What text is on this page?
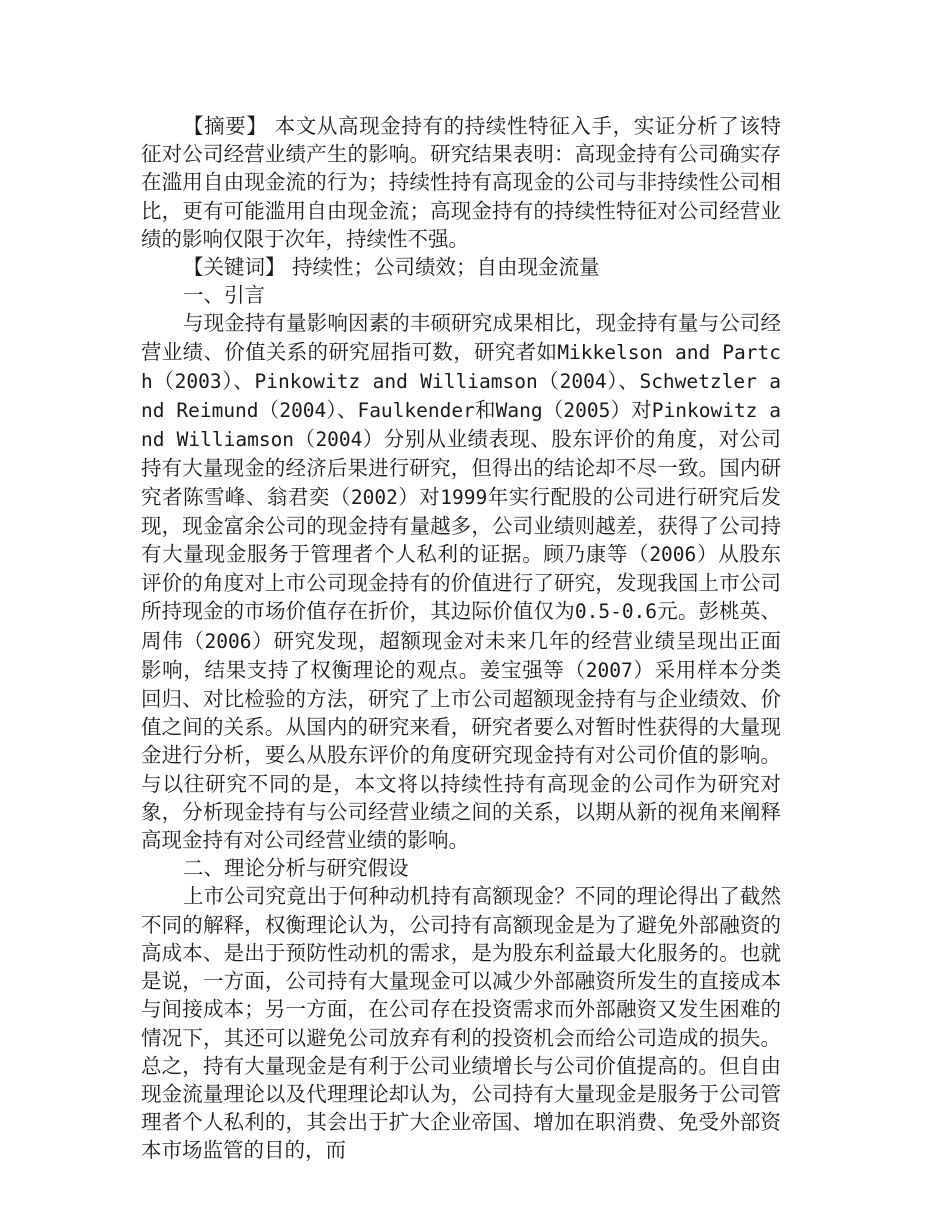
【摘要】 本文从高现金持有的持续性特征入手，实证分析了该特征对公司经营业绩产生的影响。研究结果表明：高现金持有公司确实存在滥用自由现金流的行为；持续性持有高现金的公司与非持续性公司相比，更有可能滥用自由现金流；高现金持有的持续性特征对公司经营业绩的影响仅限于次年，持续性不强。

【关键词】 持续性；公司绩效；自由现金流量

一、引言

与现金持有量影响因素的丰硕研究成果相比，现金持有量与公司经营业绩、价值关系的研究屈指可数，研究者如Mikkelson and Partch（2003）、Pinkowitz and Williamson（2004）、Schwetzler and Reimund（2004）、Faulkender和Wang（2005）对Pinkowitz and Williamson（2004）分别从业绩表现、股东评价的角度，对公司持有大量现金的经济后果进行研究，但得出的结论却不尽一致。国内研究者陈雪峰、翁君奕（2002）对1999年实行配股的公司进行研究后发现，现金富余公司的现金持有量越多，公司业绩则越差，获得了公司持有大量现金服务于管理者个人私利的证据。顾乃康等（2006）从股东评价的角度对上市公司现金持有的价值进行了研究，发现我国上市公司所持现金的市场价值存在折价，其边际价值仅为0.5-0.6元。彭桃英、周伟（2006）研究发现，超额现金对未来几年的经营业绩呈现出正面影响，结果支持了权衡理论的观点。姜宝强等（2007）采用样本分类回归、对比检验的方法，研究了上市公司超额现金持有与企业绩效、价值之间的关系。从国内的研究来看，研究者要么对暂时性获得的大量现金进行分析，要么从股东评价的角度研究现金持有对公司价值的影响。与以往研究不同的是，本文将以持续性持有高现金的公司作为研究对象，分析现金持有与公司经营业绩之间的关系，以期从新的视角来阐释高现金持有对公司经营业绩的影响。

二、理论分析与研究假设

上市公司究竟出于何种动机持有高额现金？不同的理论得出了截然不同的解释，权衡理论认为，公司持有高额现金是为了避免外部融资的高成本、是出于预防性动机的需求，是为股东利益最大化服务的。也就是说，一方面，公司持有大量现金可以减少外部融资所发生的直接成本与间接成本；另一方面，在公司存在投资需求而外部融资又发生困难的情况下，其还可以避免公司放弃有利的投资机会而给公司造成的损失。总之，持有大量现金是有利于公司业绩增长与公司价值提高的。但自由现金流量理论以及代理理论却认为，公司持有大量现金是服务于公司管理者个人私利的，其会出于扩大企业帝国、增加在职消费、免受外部资本市场监管的目的，而
